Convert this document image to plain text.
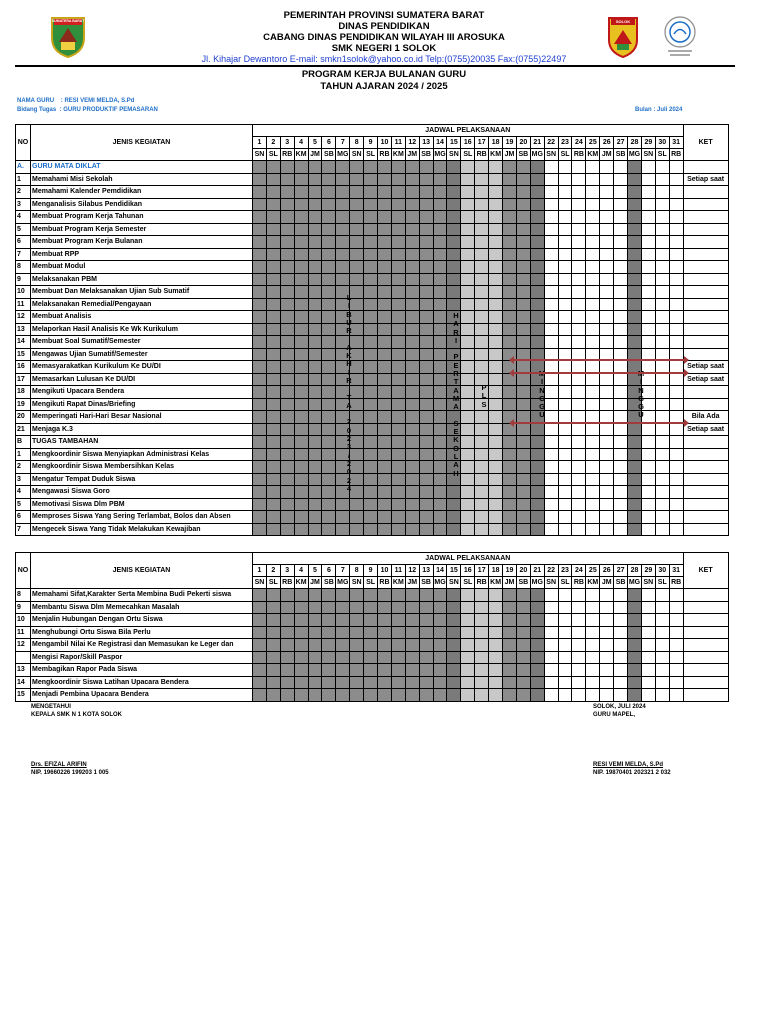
SUMATERA BARAT	SOLOK
PEMERINTAH PROVINSI SUMATERA BARAT
DINAS PENDIDIKAN
CABANG DINAS PENDIDIKAN WILAYAH III AROSUKA
SMK NEGERI 1 SOLOK
Jl. Kihajar Dewantoro E-mail: smkn1solok@yahoo.co.id Telp:(0755)20035 Fax:(0755)22497
PROGRAM KERJA BULANAN GURU
TAHUN AJARAN 2024 / 2025
NAMA GURU    : RESI VEMI MELDA, S.Pd
Bidang Tugas  : GURU PRODUKTIF PEMASARAN	Bulan : Juli 2024
NO	JENIS KEGIATAN	JADWAL PELAKSANAAN																															KET
		1	2	3	4	5	6	7	8	9	10	11	12	13	14	15	16	17	18	19	20	21	22	23	24	25	26	27	28	29	30	31	
		SN	SL	RB	KM	JM	SB	MG	SN	SL	RB	KM	JM	SB	MG	SN	SL	RB	KM	JM	SB	MG	SN	SL	RB	KM	JM	SB	MG	SN	SL	RB	
A.	GURU MATA DIKLAT																																
1	Memahami Misi Sekolah																																Setiap saat
2	Memahami Kalender Pemdidikan																																
3	Menganalisis Silabus Pendidikan																																
4	Membuat Program Kerja Tahunan																																
5	Membuat Program Kerja Semester																																
6	Membuat Program Kerja Bulanan																																
7	Membuat RPP																																
8	Membuat Modul																																
9	Melaksanakan PBM																																
10	Membuat Dan Melaksanakan Ujian Sub Sumatif																																
11	Melaksanakan Remedial/Pengayaan																																
12	Membuat Analisis																																
13	Melaporkan Hasil Analisis Ke Wk Kurikulum																																
14	Membuat Soal Sumatif/Semester																																
15	Mengawas Ujian Sumatif/Semester																																
16	Memasyarakatkan Kurikulum Ke DU/DI																																Setiap saat
17	Memasarkan Lulusan Ke DU/DI																																Setiap saat
18	Mengikuti Upacara Bendera																																
19	Mengikuti Rapat Dinas/Briefing																																
20	Memperingati Hari-Hari Besar Nasional																																Bila Ada
21	Menjaga K.3																																Setiap saat
B	TUGAS TAMBAHAN																																
1	Mengkoordinir Siswa Menyiapkan Administrasi Kelas																																
2	Mengkoordinir Siswa Membersihkan Kelas																																
3	Mengatur Tempat Duduk Siswa																																
4	Mengawasi Siswa Goro																																
5	Memotivasi Siswa Dlm PBM																																
6	Memproses Siswa Yang Sering Terlambat, Bolos dan Absen																																
7	Mengecek Siswa Yang Tidak Melakukan Kewajiban																																
NO	JENIS KEGIATAN	JADWAL PELAKSANAAN																															KET
		1	2	3	4	5	6	7	8	9	10	11	12	13	14	15	16	17	18	19	20	21	22	23	24	25	26	27	28	29	30	31	
		SN	SL	RB	KM	JM	SB	MG	SN	SL	RB	KM	JM	SB	MG	SN	SL	RB	KM	JM	SB	MG	SN	SL	RB	KM	JM	SB	MG	SN	SL	RB	
8	Memahami Sifat,Karakter Serta Membina Budi Pekerti siswa																																
9	Membantu Siswa Dlm Memecahkan Masalah																																
10	Menjalin Hubungan Dengan Ortu Siswa																																
11	Menghubungi Ortu Siswa Bila Perlu																																
12	Mengambil Nilai Ke Registrasi dan Memasukan ke Leger dan																																
	Mengisi Rapor/Skill Paspor																																
13	Membagikan Rapor Pada Siswa																																
14	Mengkoordinir Siswa Latihan Upacara Bendera																																
15	Menjadi Pembina Upacara Bendera																																
L
I
B
U
R

A
K
H
I
R

T
A

2
0
2
3
/
2
0
2
4
H
A
R
I

P
E
R
T
A
M
A

S
E
K
O
L
A
H
P
L
S
I
N
G
G
U
I
N
G
G
U
MENGETAHUI
KEPALA SMK N 1 KOTA SOLOK
Drs. EFIZAL ARIFIN
NIP. 19660226 199203 1 005
SOLOK, JULI 2024
GURU MAPEL,
RESI VEMI MELDA, S.Pd
NIP. 19870401 202321 2 032
